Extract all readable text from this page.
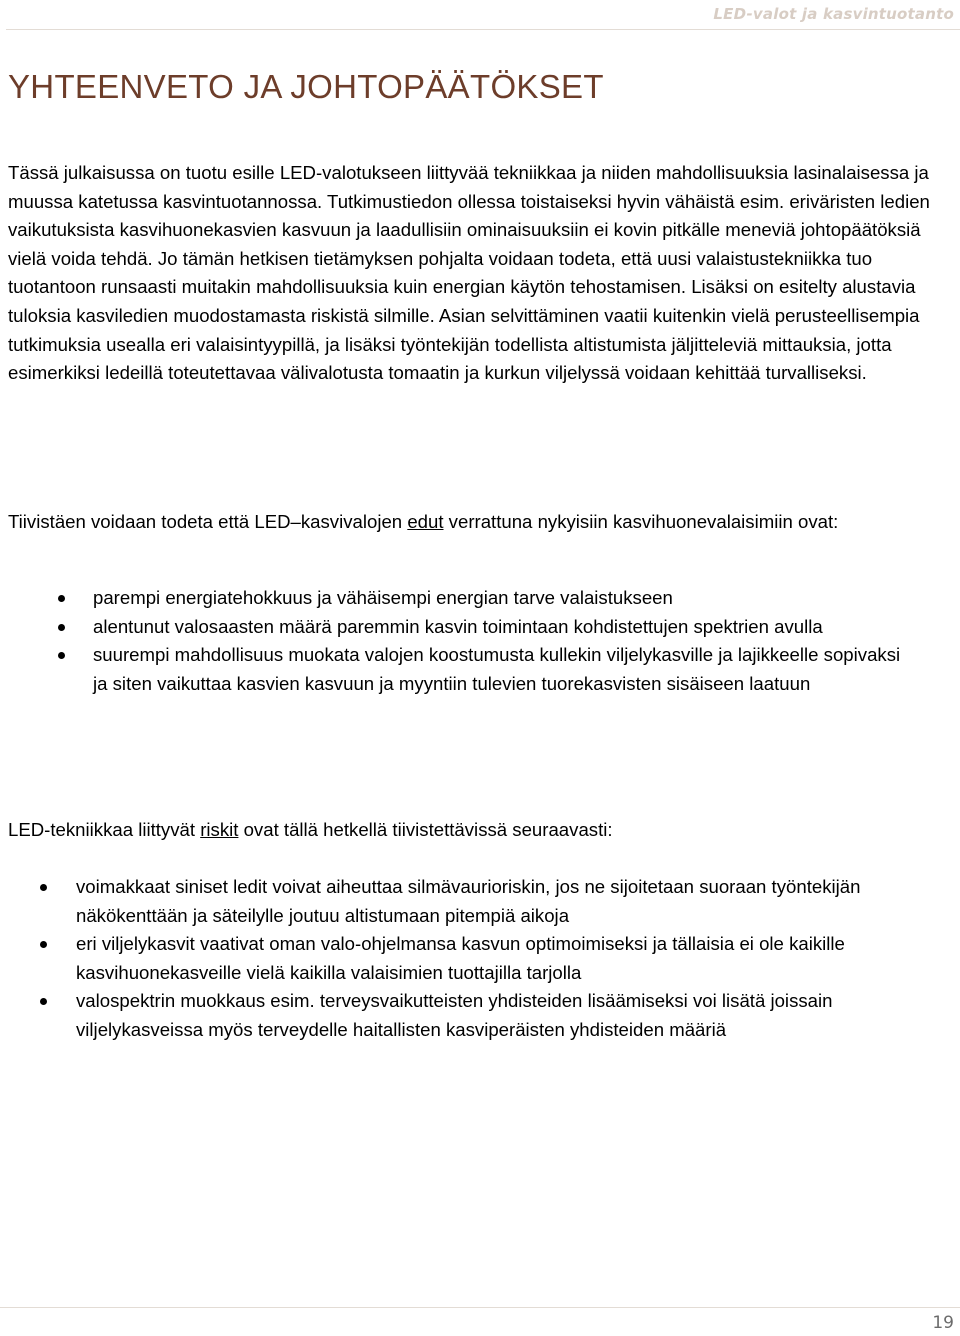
LED-valot ja kasvintuotanto
YHTEENVETO JA JOHTOPÄÄTÖKSET

Tässä julkaisussa on tuotu esille LED-valotukseen liittyvää tekniikkaa ja niiden mahdollisuuksia lasinalaisessa ja muussa katetussa kasvintuotannossa. Tutkimustiedon ollessa toistaiseksi hyvin vähäistä esim. eriväristen ledien vaikutuksista kasvihuonekasvien kasvuun ja laadullisiin ominaisuuksiin ei kovin pitkälle meneviä johtopäätöksiä vielä voida tehdä. Jo tämän hetkisen tietämyksen pohjalta voidaan todeta, että uusi valaistustekniikka tuo tuotantoon runsaasti muitakin mahdollisuuksia kuin energian käytön tehostamisen. Lisäksi on esitelty alustavia tuloksia kasviledien muodostamasta riskistä silmille. Asian selvittäminen vaatii kuitenkin vielä perusteellisempia tutkimuksia usealla eri valaisintyypillä, ja lisäksi työntekijän todellista altistumista jäljitteleviä mittauksia, jotta esimerkiksi ledeillä toteutettavaa välivalotusta tomaatin ja kurkun viljelyssä voidaan kehittää turvalliseksi.

Tiivistäen voidaan todeta että LED–kasvivalojen edut verrattuna nykyisiin kasvihuonevalaisimiin ovat:

parempi energiatehokkuus ja vähäisempi energian tarve valaistukseen
alentunut valosaasten määrä paremmin kasvin toimintaan kohdistettujen spektrien avulla
suurempi mahdollisuus muokata valojen koostumusta kullekin viljelykasville ja lajikkeelle sopivaksi ja siten vaikuttaa kasvien kasvuun ja myyntiin tulevien tuorekasvisten sisäiseen laatuun

LED-tekniikkaa liittyvät riskit ovat tällä hetkellä tiivistettävissä seuraavasti:

voimakkaat siniset ledit voivat aiheuttaa silmävaurioriskin, jos ne sijoitetaan suoraan työntekijän näkökenttään ja säteilylle joutuu altistumaan pitempiä aikoja
eri viljelykasvit vaativat oman valo-ohjelmansa kasvun optimoimiseksi ja tällaisia ei ole kaikille kasvihuonekasveille vielä kaikilla valaisimien tuottajilla tarjolla
valospektrin muokkaus esim. terveysvaikutteisten yhdisteiden lisäämiseksi voi lisätä joissain viljelykasveissa myös terveydelle haitallisten kasviperäisten yhdisteiden määriä
19
